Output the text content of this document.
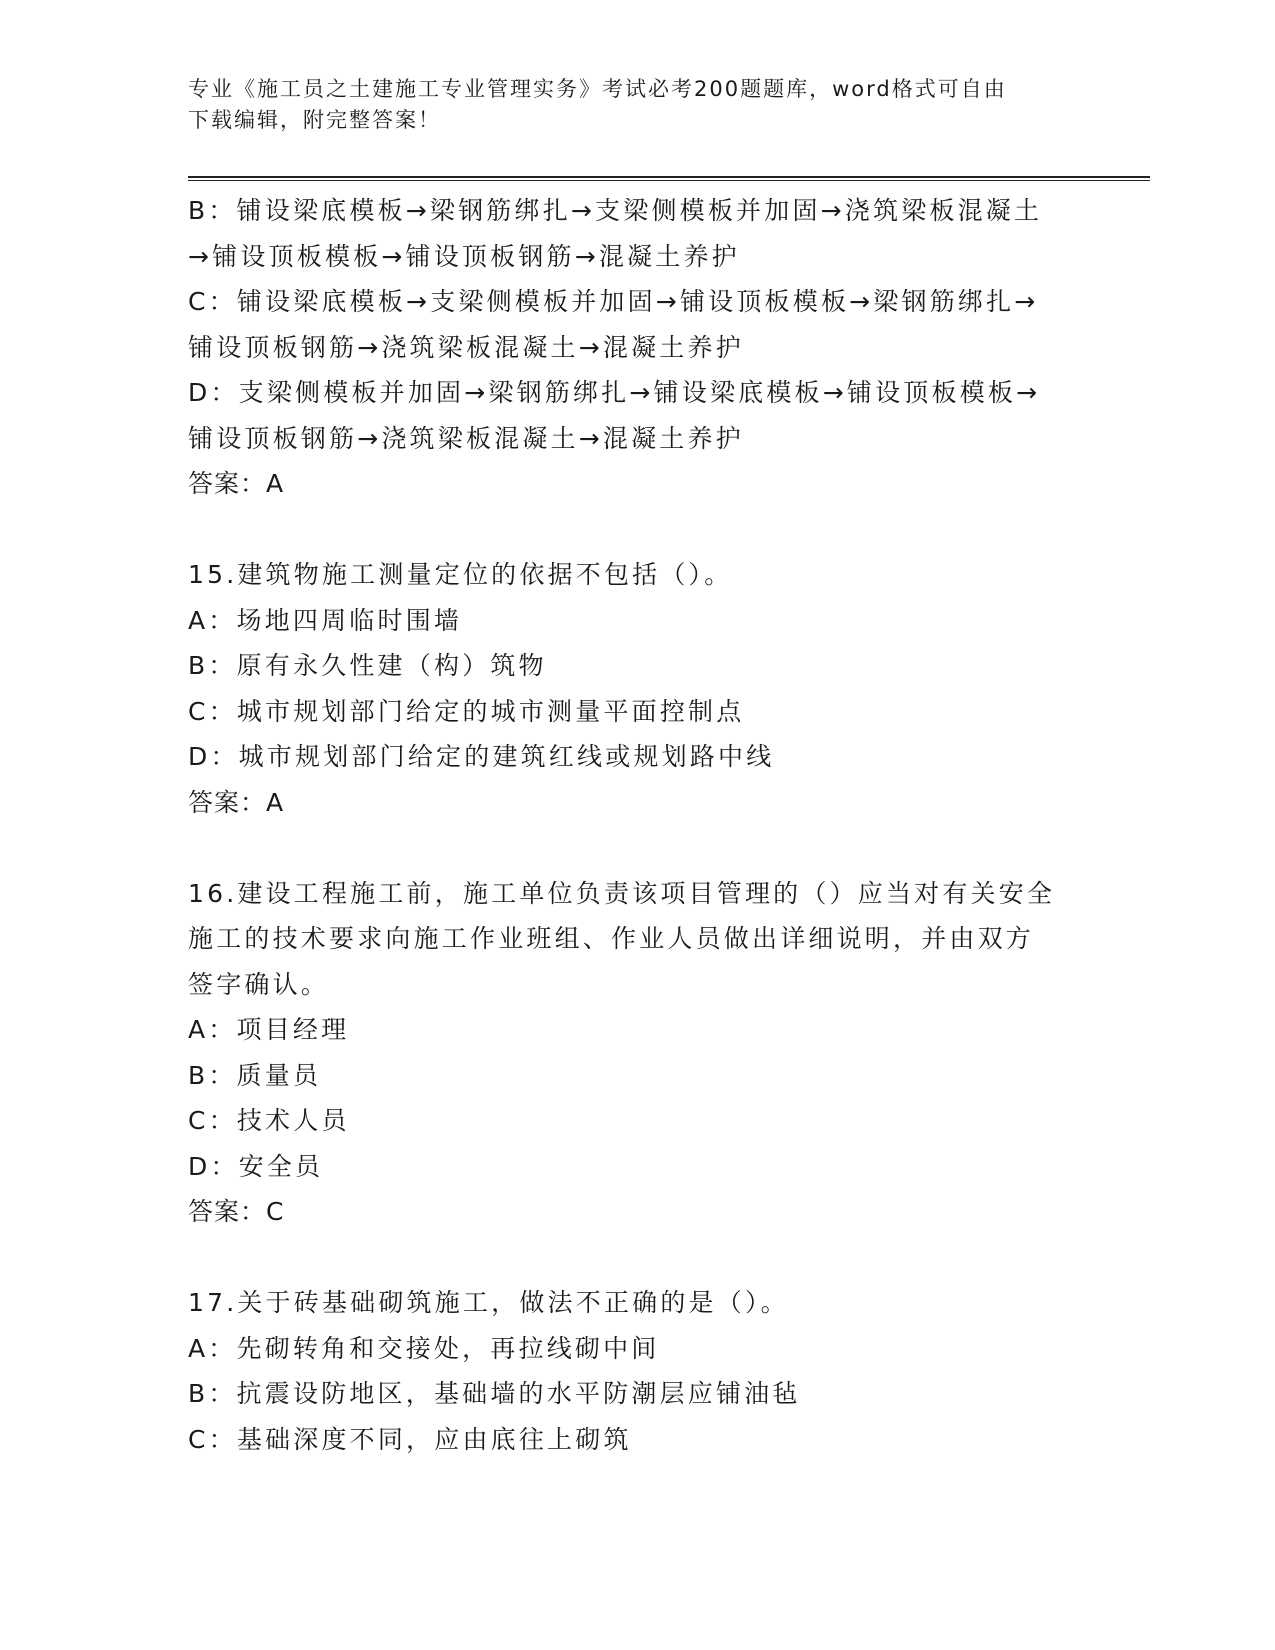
专业《施工员之土建施工专业管理实务》考试必考200题题库，word格式可自由
下载编辑，附完整答案！
B：铺设梁底模板→梁钢筋绑扎→支梁侧模板并加固→浇筑梁板混凝土
→铺设顶板模板→铺设顶板钢筋→混凝土养护
C：铺设梁底模板→支梁侧模板并加固→铺设顶板模板→梁钢筋绑扎→
铺设顶板钢筋→浇筑梁板混凝土→混凝土养护
D：支梁侧模板并加固→梁钢筋绑扎→铺设梁底模板→铺设顶板模板→
铺设顶板钢筋→浇筑梁板混凝土→混凝土养护
答案：A
15.建筑物施工测量定位的依据不包括（）。
A：场地四周临时围墙
B：原有永久性建（构）筑物
C：城市规划部门给定的城市测量平面控制点
D：城市规划部门给定的建筑红线或规划路中线
答案：A
16.建设工程施工前，施工单位负责该项目管理的（）应当对有关安全
施工的技术要求向施工作业班组、作业人员做出详细说明，并由双方
签字确认。
A：项目经理
B：质量员
C：技术人员
D：安全员
答案：C
17.关于砖基础砌筑施工，做法不正确的是（）。
A：先砌转角和交接处，再拉线砌中间
B：抗震设防地区，基础墙的水平防潮层应铺油毡
C：基础深度不同，应由底往上砌筑
